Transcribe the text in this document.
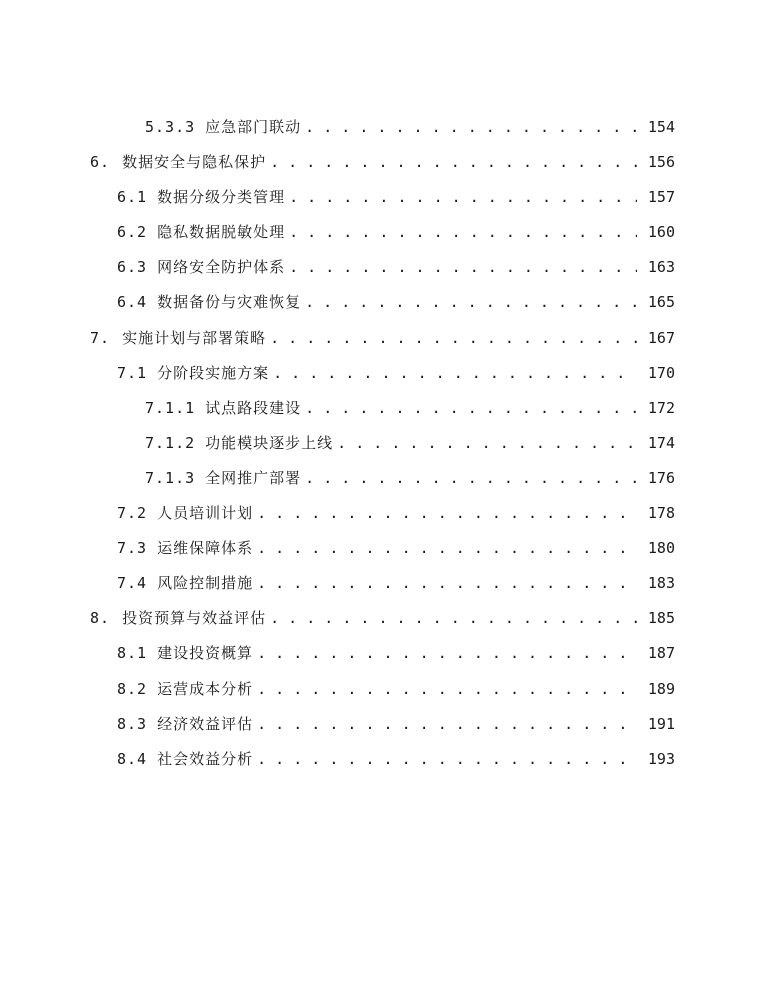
5.3.3 应急部门联动 . . .	154
6. 数据安全与隐私保护 . . .	156
6.1 数据分级分类管理 . . .	157
6.2 隐私数据脱敏处理 . . .	160
6.3 网络安全防护体系 . . .	163
6.4 数据备份与灾难恢复 . . .	165
7. 实施计划与部署策略 . . .	167
7.1 分阶段实施方案 . . .	170
7.1.1 试点路段建设 . . .	172
7.1.2 功能模块逐步上线 . . .	174
7.1.3 全网推广部署 . . .	176
7.2 人员培训计划 . . .	178
7.3 运维保障体系 . . .	180
7.4 风险控制措施 . . .	183
8. 投资预算与效益评估 . . .	185
8.1 建设投资概算 . . .	187
8.2 运营成本分析 . . .	189
8.3 经济效益评估 . . .	191
8.4 社会效益分析 . . .	193
